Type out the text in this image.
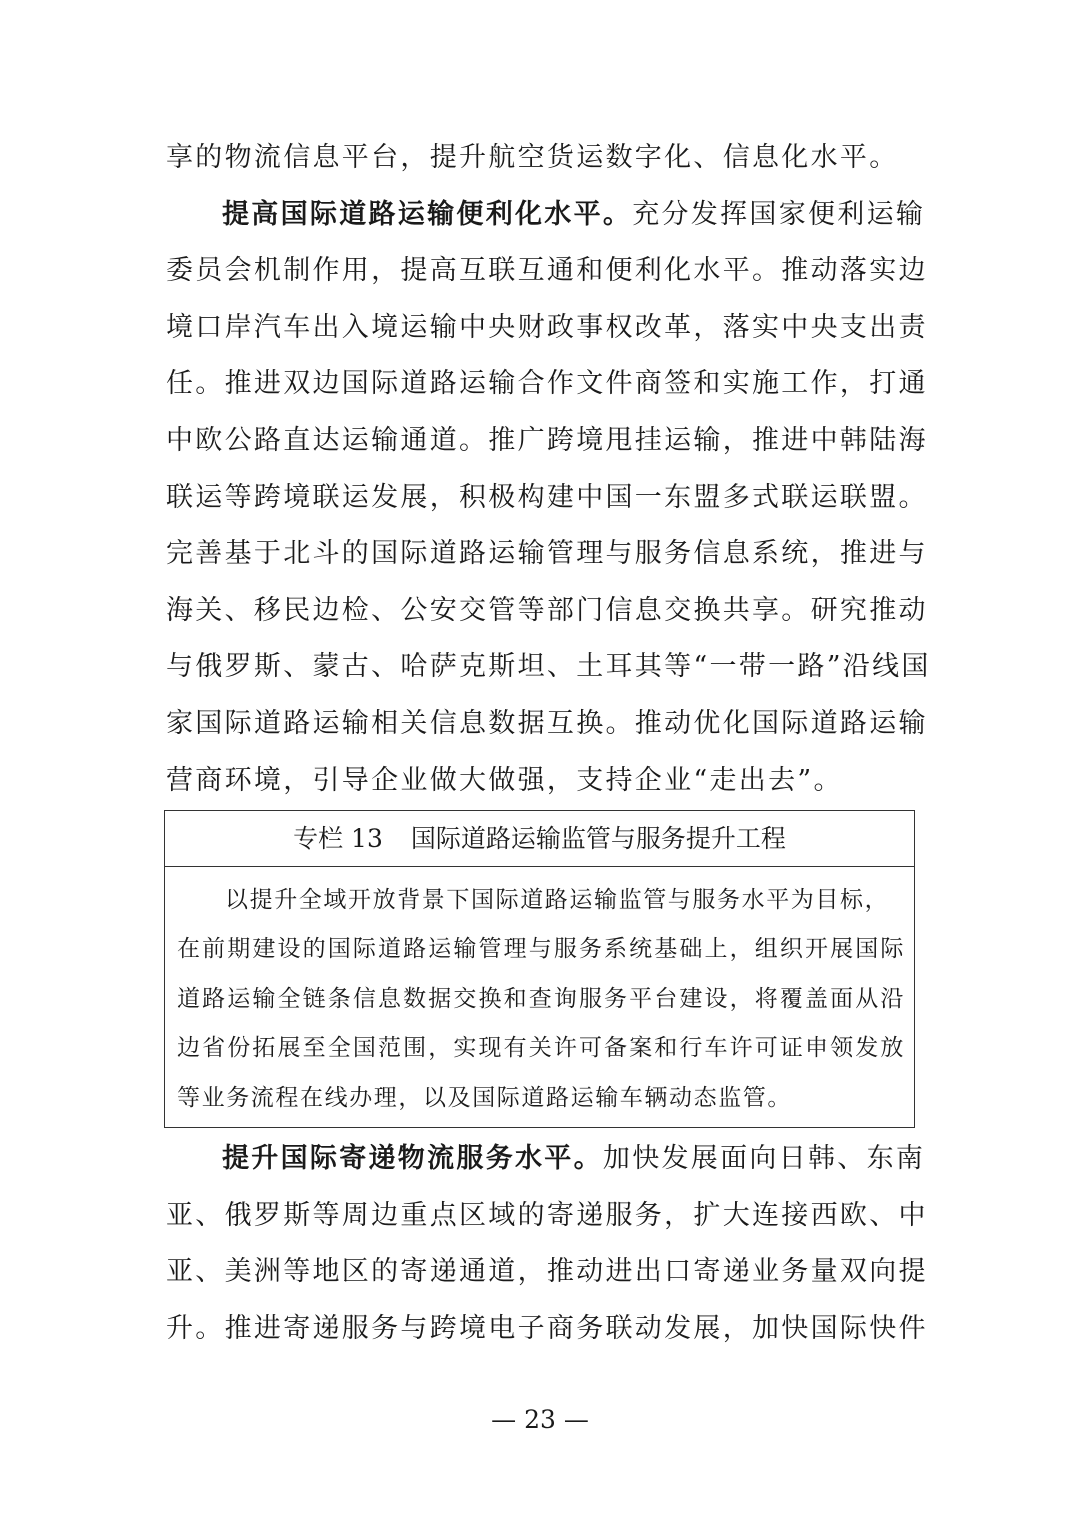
享的物流信息平台，提升航空货运数字化、信息化水平。
提高国际道路运输便利化水平。充分发挥国家便利运输
委员会机制作用，提高互联互通和便利化水平。推动落实边
境口岸汽车出入境运输中央财政事权改革，落实中央支出责
任。推进双边国际道路运输合作文件商签和实施工作，打通
中欧公路直达运输通道。推广跨境甩挂运输，推进中韩陆海
联运等跨境联运发展，积极构建中国一东盟多式联运联盟。
完善基于北斗的国际道路运输管理与服务信息系统，推进与
海关、移民边检、公安交管等部门信息交换共享。研究推动
与俄罗斯、蒙古、哈萨克斯坦、土耳其等“一带一路”沿线国
家国际道路运输相关信息数据互换。推动优化国际道路运输
营商环境，引导企业做大做强，支持企业“走出去”。
专栏 13 国际道路运输监管与服务提升工程
以提升全域开放背景下国际道路运输监管与服务水平为目标，
在前期建设的国际道路运输管理与服务系统基础上，组织开展国际
道路运输全链条信息数据交换和查询服务平台建设，将覆盖面从沿
边省份拓展至全国范围，实现有关许可备案和行车许可证申领发放
等业务流程在线办理，以及国际道路运输车辆动态监管。
提升国际寄递物流服务水平。加快发展面向日韩、东南
亚、俄罗斯等周边重点区域的寄递服务，扩大连接西欧、中
亚、美洲等地区的寄递通道，推动进出口寄递业务量双向提
升。推进寄递服务与跨境电子商务联动发展，加快国际快件
— 23 —
